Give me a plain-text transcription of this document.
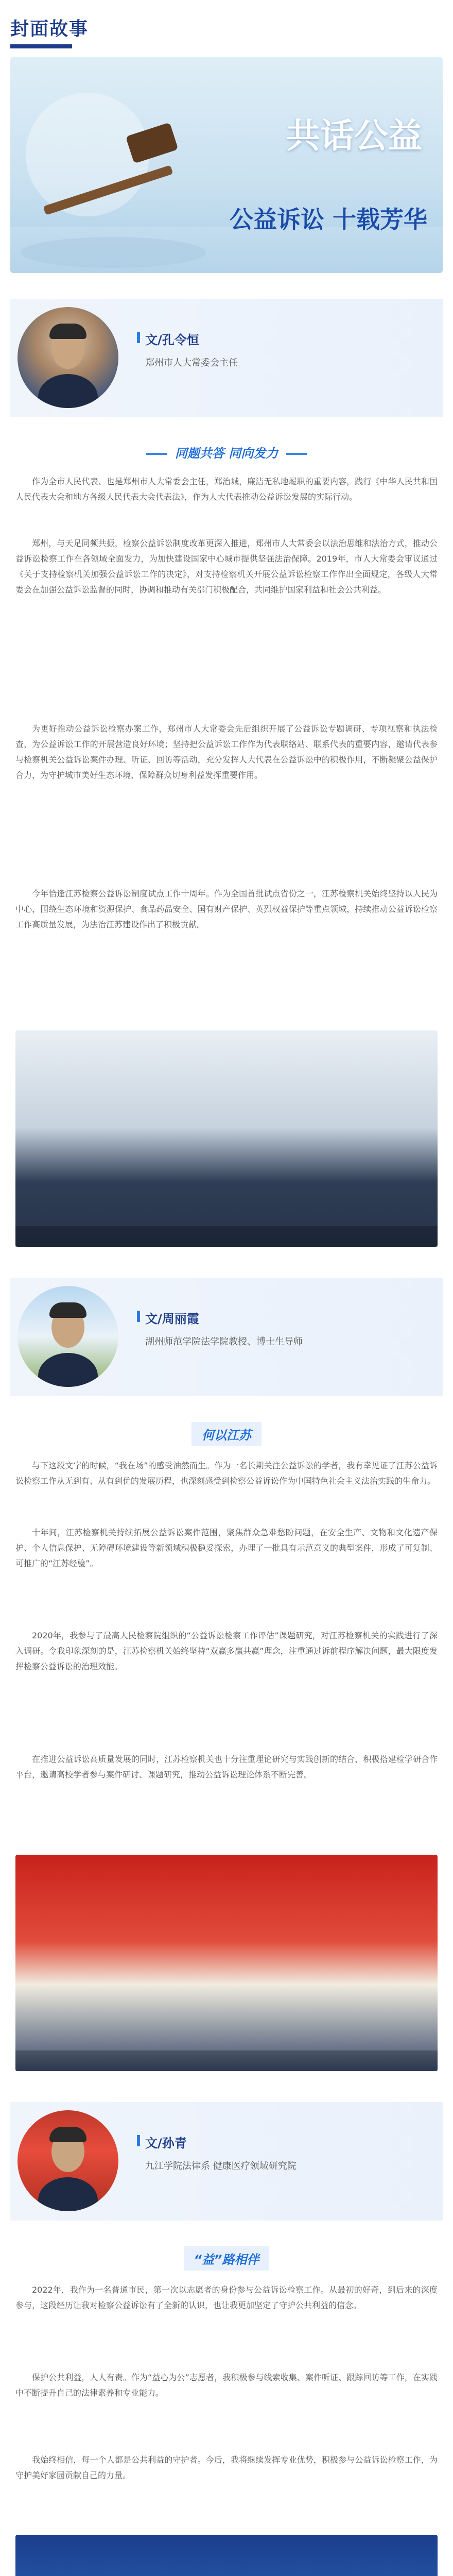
封面故事
共话公益
公益诉讼 十载芳华
文/孔令恒
郑州市人大常委会主任
同题共答 同向发力
作为全市人民代表、也是郑州市人大常委会主任，郑治城，廉洁无私地履职的重要内容，践行《中华人民共和国人民代表大会和地方各级人民代表大会代表法》，作为人大代表推动公益诉讼发展的实际行动。
郑州，与天足同频共振，检察公益诉讼制度改革更深入推进，郑州市人大常委会以法治思维和法治方式，推动公益诉讼检察工作在各领域全面发力，为加快建设国家中心城市提供坚强法治保障。2019年，市人大常委会审议通过《关于支持检察机关加强公益诉讼工作的决定》，对支持检察机关开展公益诉讼检察工作作出全面规定，各级人大常委会在加强公益诉讼监督的同时，协调和推动有关部门积极配合，共同维护国家利益和社会公共利益。
为更好推动公益诉讼检察办案工作，郑州市人大常委会先后组织开展了公益诉讼专题调研、专项视察和执法检查，为公益诉讼工作的开展营造良好环境；坚持把公益诉讼工作作为代表联络站、联系代表的重要内容，邀请代表参与检察机关公益诉讼案件办理、听证、回访等活动，充分发挥人大代表在公益诉讼中的积极作用，不断凝聚公益保护合力，为守护城市美好生态环境、保障群众切身利益发挥重要作用。
今年恰逢江苏检察公益诉讼制度试点工作十周年。作为全国首批试点省份之一，江苏检察机关始终坚持以人民为中心，围绕生态环境和资源保护、食品药品安全、国有财产保护、英烈权益保护等重点领域，持续推动公益诉讼检察工作高质量发展，为法治江苏建设作出了积极贡献。
文/周丽霞
湖州师范学院法学院教授、博士生导师
何以江苏
与下这段文字的时候，“我在场”的感受油然而生。作为一名长期关注公益诉讼的学者，我有幸见证了江苏公益诉讼检察工作从无到有、从有到优的发展历程，也深刻感受到检察公益诉讼作为中国特色社会主义法治实践的生命力。
十年间，江苏检察机关持续拓展公益诉讼案件范围，聚焦群众急难愁盼问题，在安全生产、文物和文化遗产保护、个人信息保护、无障碍环境建设等新领域积极稳妥探索，办理了一批具有示范意义的典型案件，形成了可复制、可推广的“江苏经验”。
2020年，我参与了最高人民检察院组织的“公益诉讼检察工作评估”课题研究，对江苏检察机关的实践进行了深入调研。令我印象深刻的是，江苏检察机关始终坚持“双赢多赢共赢”理念，注重通过诉前程序解决问题，最大限度发挥检察公益诉讼的治理效能。
在推进公益诉讼高质量发展的同时，江苏检察机关也十分注重理论研究与实践创新的结合，积极搭建检学研合作平台，邀请高校学者参与案件研讨、课题研究，推动公益诉讼理论体系不断完善。
文/孙青
九江学院法律系 健康医疗领域研究院
“益”路相伴
2022年，我作为一名普通市民，第一次以志愿者的身份参与公益诉讼检察工作。从最初的好奇，到后来的深度参与，这段经历让我对检察公益诉讼有了全新的认识，也让我更加坚定了守护公共利益的信念。
保护公共利益，人人有责。作为“益心为公”志愿者，我积极参与线索收集、案件听证、跟踪回访等工作，在实践中不断提升自己的法律素养和专业能力。
我始终相信，每一个人都是公共利益的守护者。今后，我将继续发挥专业优势，积极参与公益诉讼检察工作，为守护美好家园贡献自己的力量。
